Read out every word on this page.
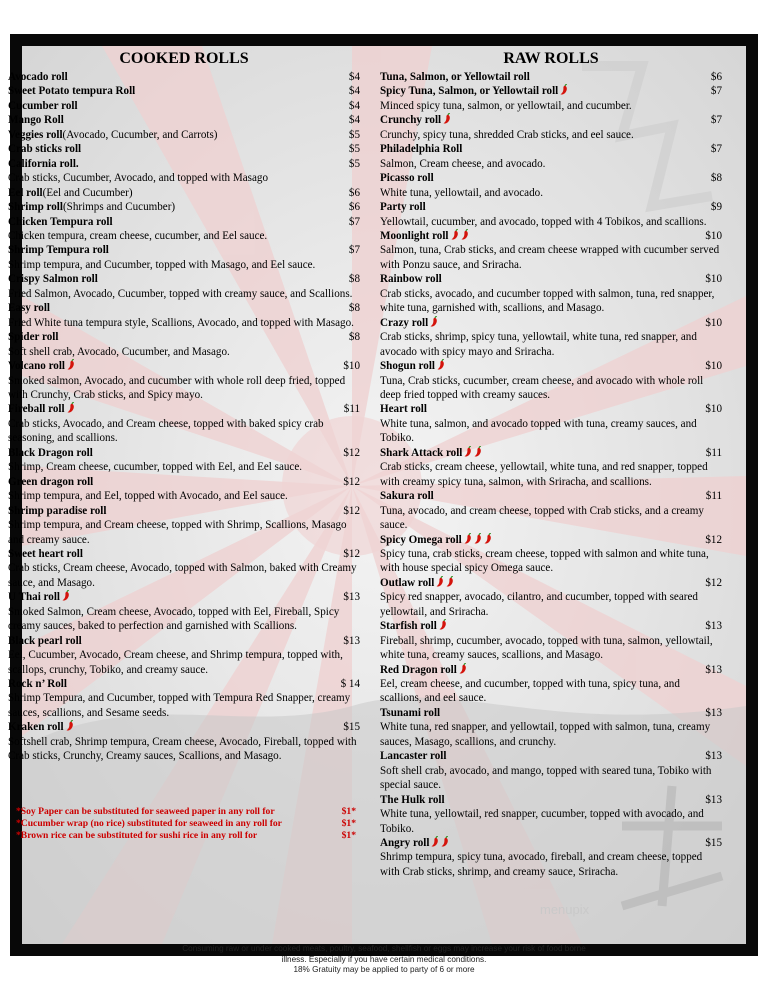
COOKED ROLLS
Avocado roll	$4
Sweet Potato tempura Roll	$4
Cucumber roll	$4
Mango Roll	$4
Veggies roll (Avocado, Cucumber, and Carrots)	$5
Crab sticks roll	$5
California roll.	$5
Crab sticks, Cucumber, Avocado, and topped with Masago
Eel roll (Eel and Cucumber)	$6
Shrimp roll (Shrimps and Cucumber)	$6
Chicken Tempura roll	$7
Chicken tempura, cream cheese, cucumber, and Eel sauce.
Shrimp Tempura roll	$7
Shrimp tempura, and Cucumber, topped with Masago, and Eel sauce.
Crispy Salmon roll	$8
Fried Salmon, Avocado, Cucumber, topped with creamy sauce, and Scallions.
Easy roll	$8
Fried White tuna tempura style, Scallions, Avocado, and topped with Masago.
Spider roll	$8
Soft shell crab, Avocado, Cucumber, and Masago.
Volcano roll	$10
Smoked salmon, Avocado, and cucumber with whole roll deep fried, topped with Crunchy, Crab sticks, and Spicy mayo.
Fireball roll	$11
Crab sticks, Avocado, and Cream cheese, topped with baked spicy crab seasoning, and scallions.
Black Dragon roll	$12
Shrimp, Cream cheese, cucumber, topped with Eel, and Eel sauce.
Green dragon roll	$12
Shrimp tempura, and Eel, topped with Avocado, and Eel sauce.
Shrimp paradise roll	$12
Shrimp tempura, and Cream cheese, topped with Shrimp, Scallions, Masago and creamy sauce.
Sweet heart roll	$12
Crab sticks, Cream cheese, Avocado, topped with Salmon, baked with Creamy sauce, and Masago.
U Thai roll	$13
Smoked Salmon, Cream cheese, Avocado, topped with Eel, Fireball, Spicy creamy sauces, baked to perfection and garnished with Scallions.
Black pearl roll	$13
Eel, Cucumber, Avocado, Cream cheese, and Shrimp tempura, topped with, scallops, crunchy, Tobiko, and creamy sauce.
Rock n’ Roll	$ 14
Shrimp Tempura, and Cucumber, topped with Tempura Red Snapper, creamy sauces, scallions, and Sesame seeds.
Kraken roll	$15
Softshell crab, Shrimp tempura, Cream cheese, Avocado, Fireball, topped with Crab sticks, Crunchy, Creamy sauces, Scallions, and Masago.
RAW ROLLS
Tuna, Salmon, or Yellowtail roll	$6
Spicy Tuna, Salmon, or Yellowtail roll	$7
Minced spicy tuna, salmon, or yellowtail, and cucumber.
Crunchy roll	$7
Crunchy, spicy tuna, shredded Crab sticks, and eel sauce.
Philadelphia Roll	$7
Salmon, Cream cheese, and avocado.
Picasso roll	$8
White tuna, yellowtail, and avocado.
Party roll	$9
Yellowtail, cucumber, and avocado, topped with 4 Tobikos, and scallions.
Moonlight roll	$10
Salmon, tuna, Crab sticks, and cream cheese wrapped with cucumber served with Ponzu sauce, and Sriracha.
Rainbow roll	$10
Crab sticks, avocado, and cucumber topped with salmon, tuna, red snapper, white tuna, garnished with, scallions, and Masago.
Crazy roll	$10
Crab sticks, shrimp, spicy tuna, yellowtail, white tuna, red snapper, and avocado with spicy mayo and Sriracha.
Shogun roll	$10
Tuna, Crab sticks, cucumber, cream cheese, and avocado with whole roll deep fried topped with creamy sauces.
Heart roll	$10
White tuna, salmon, and avocado topped with tuna, creamy sauces, and Tobiko.
Shark Attack roll	$11
Crab sticks, cream cheese, yellowtail, white tuna, and red snapper, topped with creamy spicy tuna, salmon, with Sriracha, and scallions.
Sakura roll	$11
Tuna, avocado, and cream cheese, topped with Crab sticks, and a creamy sauce.
Spicy Omega roll	$12
Spicy tuna, crab sticks, cream cheese, topped with salmon and white tuna, with house special spicy Omega sauce.
Outlaw roll	$12
Spicy red snapper, avocado, cilantro, and cucumber, topped with seared yellowtail, and Sriracha.
Starfish roll	$13
Fireball, shrimp, cucumber, avocado, topped with tuna, salmon, yellowtail, white tuna, creamy sauces, scallions, and Masago.
Red Dragon roll	$13
Eel, cream cheese, and cucumber, topped with tuna, spicy tuna, and scallions, and eel sauce.
Tsunami roll	$13
White tuna, red snapper, and yellowtail, topped with salmon, tuna, creamy sauces, Masago, scallions, and crunchy.
Lancaster roll	$13
Soft shell crab, avocado, and mango, topped with seared tuna, Tobiko with special sauce.
The Hulk roll	$13
White tuna, yellowtail, red snapper, cucumber, topped with avocado, and Tobiko.
Angry roll	$15
Shrimp tempura, spicy tuna, avocado, fireball, and cream cheese, topped with Crab sticks, shrimp, and creamy sauce, Sriracha.
*Soy Paper can be substituted for seaweed paper in any roll for	$1*
*Cucumber wrap (no rice) substituted for seaweed in any roll for	$1*
*Brown rice can be substituted for sushi rice in any roll for	$1*
menupix
Consuming raw or under cooked meats, poultry, seafood, shellfish or eggs may increase your risk of food borne
illness. Especially if you have certain medical conditions.
18% Gratuity may be applied to party of 6 or more
